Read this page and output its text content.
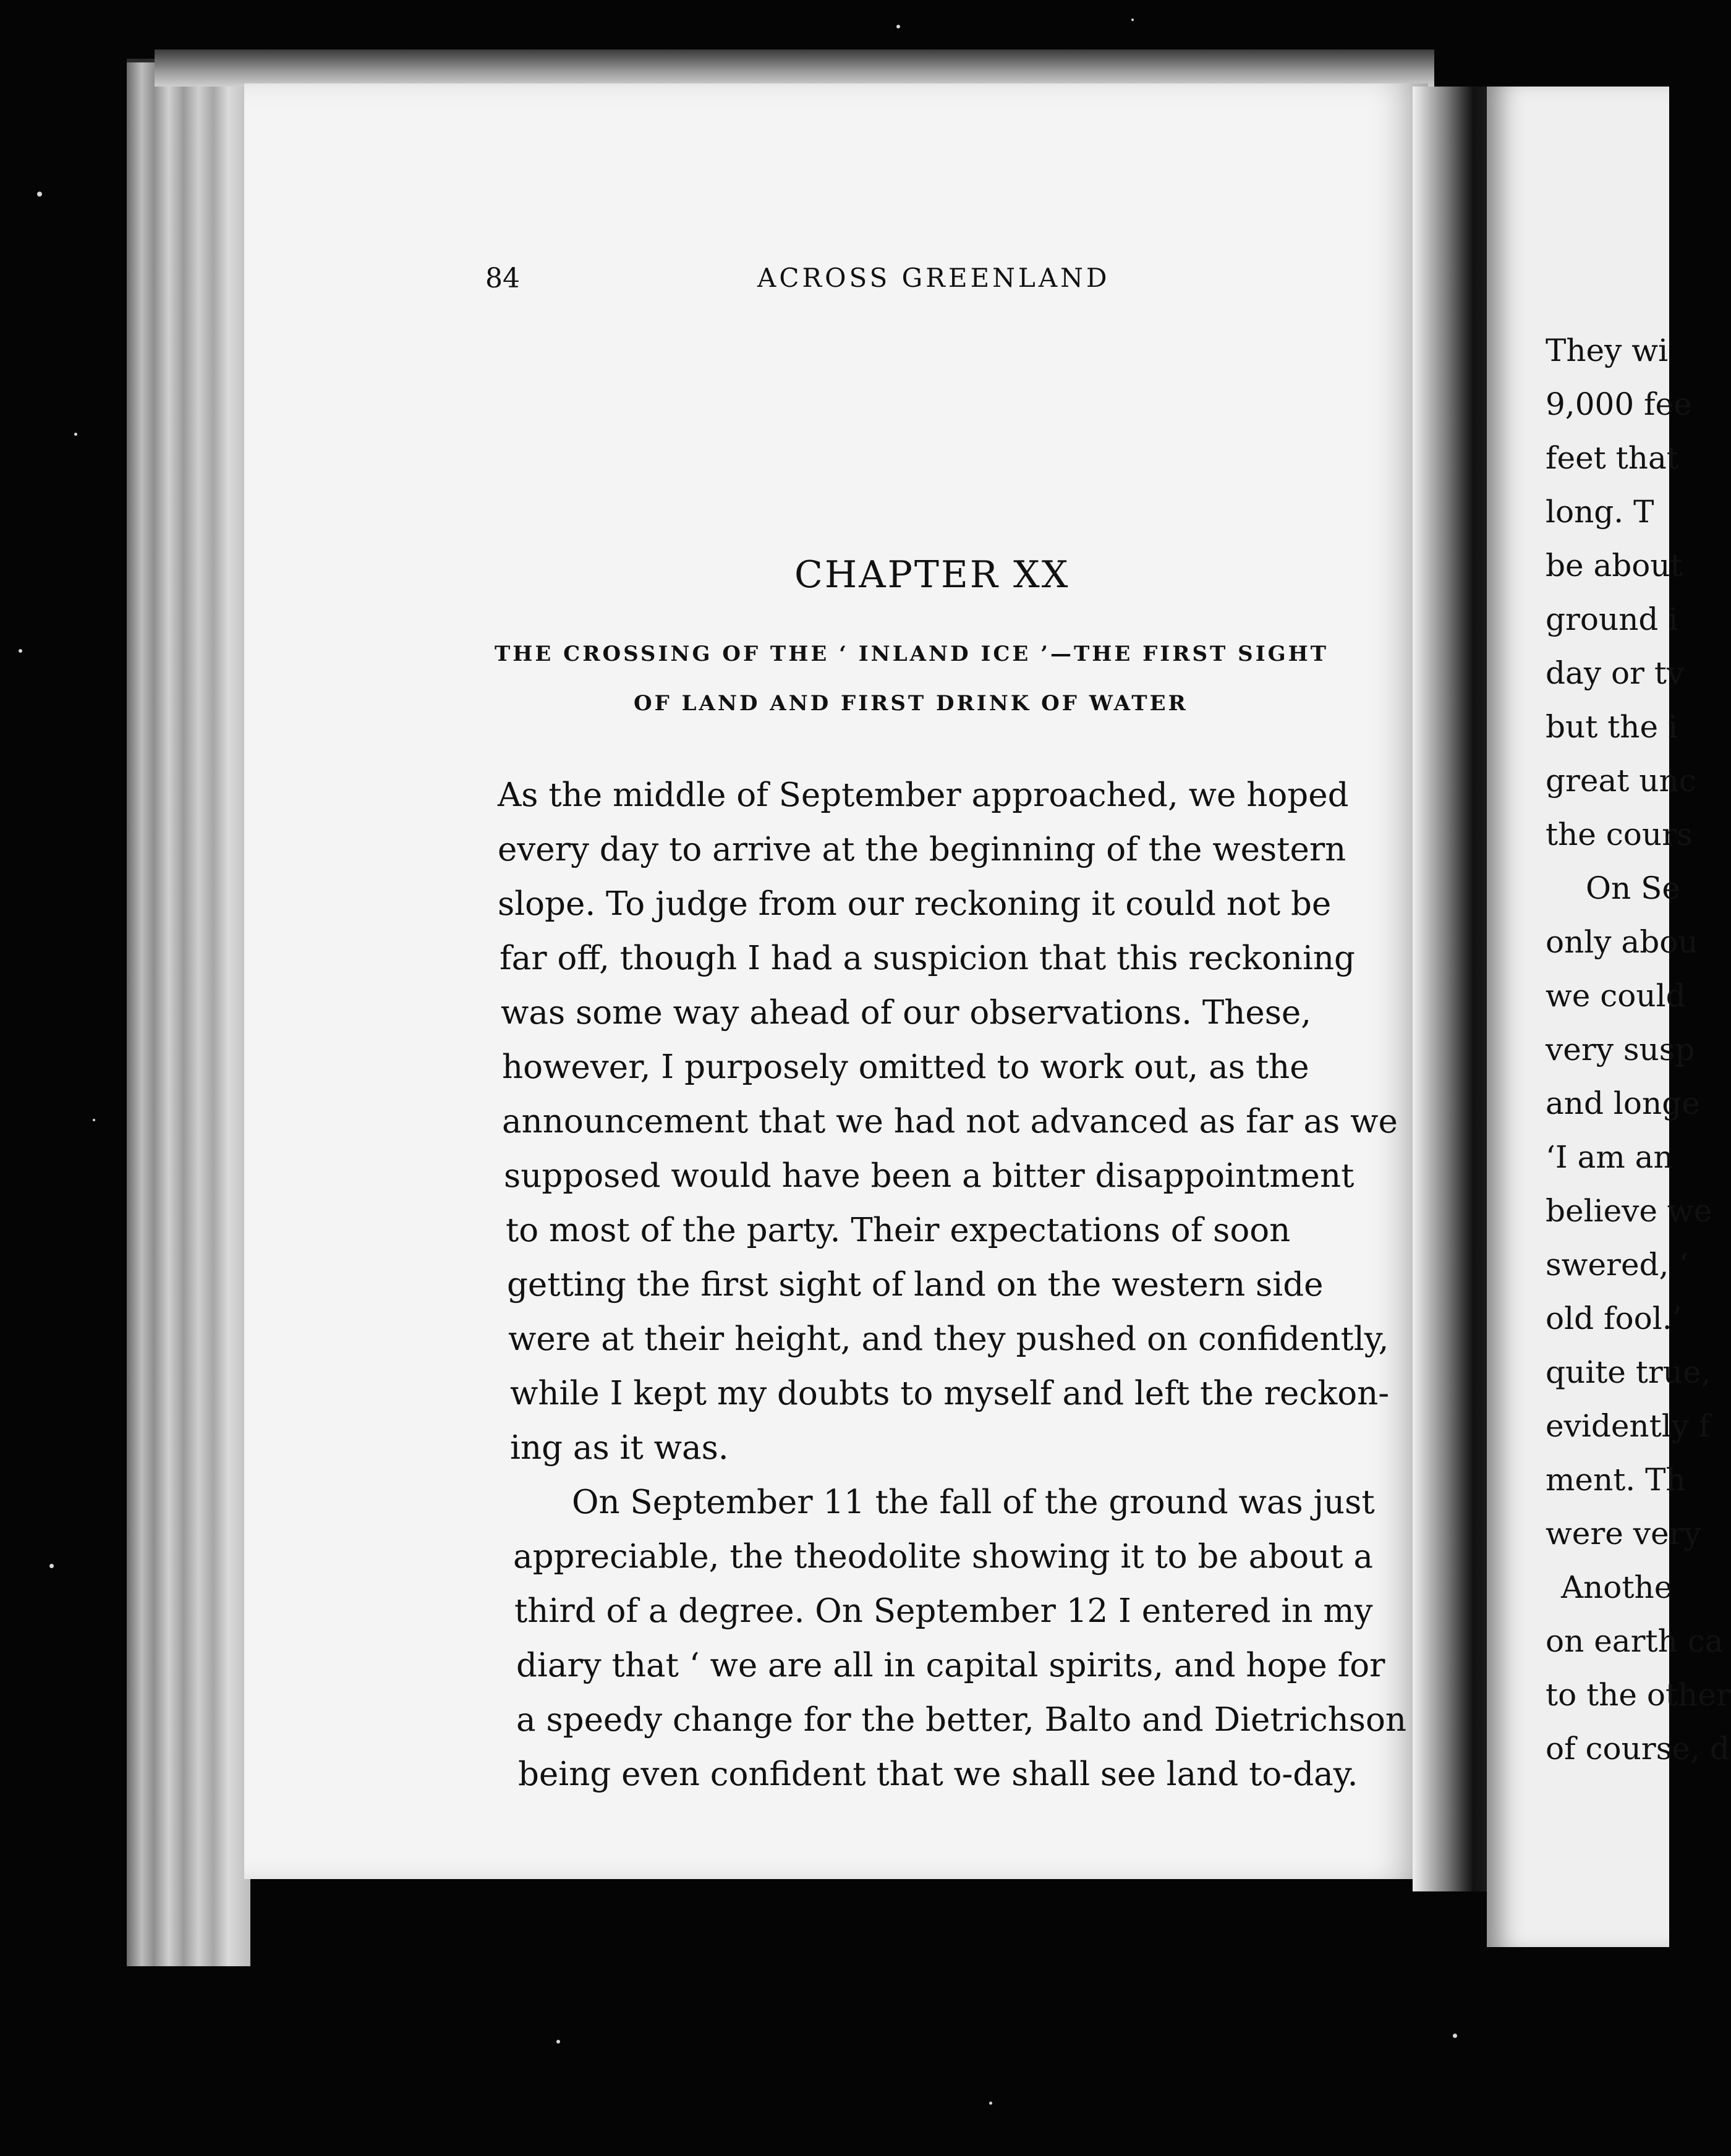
84	ACROSS GREENLAND
CHAPTER XX
THE CROSSING OF THE ‘ INLAND ICE ’—THE FIRST SIGHT
OF LAND AND FIRST DRINK OF WATER
As the middle of September approached, we hoped
every day to arrive at the beginning of the western
slope. To judge from our reckoning it could not be
far off, though I had a suspicion that this reckoning
was some way ahead of our observations. These,
however, I purposely omitted to work out, as the
announcement that we had not advanced as far as we
supposed would have been a bitter disappointment
to most of the party. Their expectations of soon
getting the first sight of land on the western side
were at their height, and they pushed on confidently,
while I kept my doubts to myself and left the reckon-
ing as it was.
On September 11 the fall of the ground was just
appreciable, the theodolite showing it to be about a
third of a degree. On September 12 I entered in my
diary that ‘ we are all in capital spirits, and hope for
a speedy change for the better, Balto and Dietrichson
being even confident that we shall see land to-day.
They wi
9,000 fee
feet that
long. T
be about
ground i
day or tv
but the i
great unc
the cours
On Se
only abou
we could
very susp
and longe
‘I am an
believe we
swered, ‘
old fool.’
quite true,
evidently f
ment. Th
were very
Anothe
on earth ca
to the other
of course, d
